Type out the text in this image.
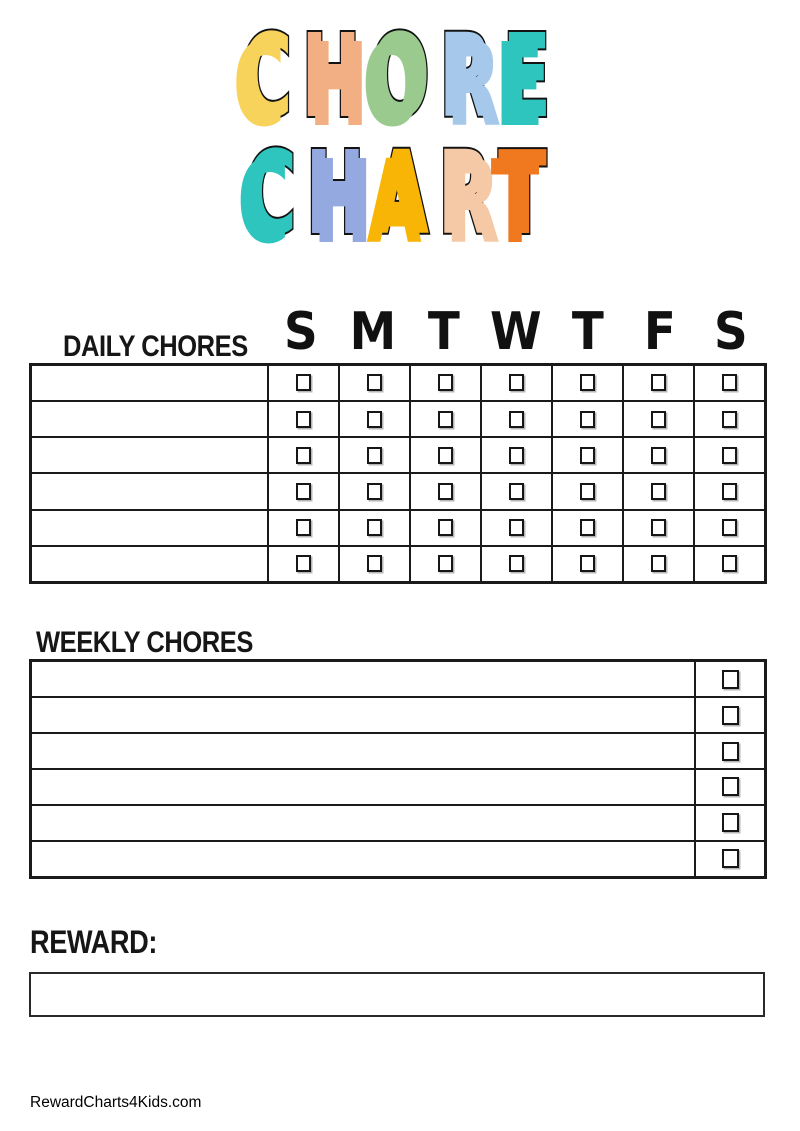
CHORE
CHART
DAILY CHORES S M T W T F S

WEEKLY CHORES

REWARD:
RewardCharts4Kids.com
